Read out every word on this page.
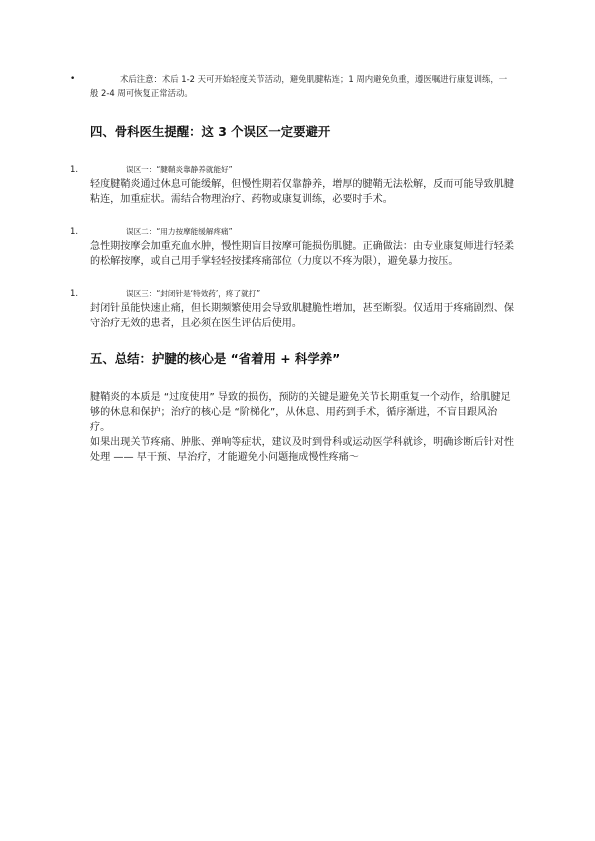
•	术后注意：术后 1-2 天可开始轻度关节活动，避免肌腱粘连；1 周内避免负重，遵医嘱进行康复训练，一般 2-4 周可恢复正常活动。
四、骨科医生提醒：这 3 个误区一定要避开
1.	误区一：“腱鞘炎靠静养就能好”
轻度腱鞘炎通过休息可能缓解，但慢性期若仅靠静养，增厚的腱鞘无法松解，反而可能导致肌腱粘连，加重症状。需结合物理治疗、药物或康复训练，必要时手术。
1.	误区二：“用力按摩能缓解疼痛”
急性期按摩会加重充血水肿，慢性期盲目按摩可能损伤肌腱。正确做法：由专业康复师进行轻柔的松解按摩，或自己用手掌轻轻按揉疼痛部位（力度以不疼为限），避免暴力按压。
1.	误区三：“封闭针是‘特效药’，疼了就打”
封闭针虽能快速止痛，但长期频繁使用会导致肌腱脆性增加，甚至断裂。仅适用于疼痛剧烈、保守治疗无效的患者，且必须在医生评估后使用。
五、总结：护腱的核心是 “省着用 + 科学养”

腱鞘炎的本质是 “过度使用” 导致的损伤，预防的关键是避免关节长期重复一个动作，给肌腱足够的休息和保护；治疗的核心是 “阶梯化”，从休息、用药到手术，循序渐进，不盲目跟风治疗。

如果出现关节疼痛、肿胀、弹响等症状，建议及时到骨科或运动医学科就诊，明确诊断后针对性处理 —— 早干预、早治疗，才能避免小问题拖成慢性疼痛～
